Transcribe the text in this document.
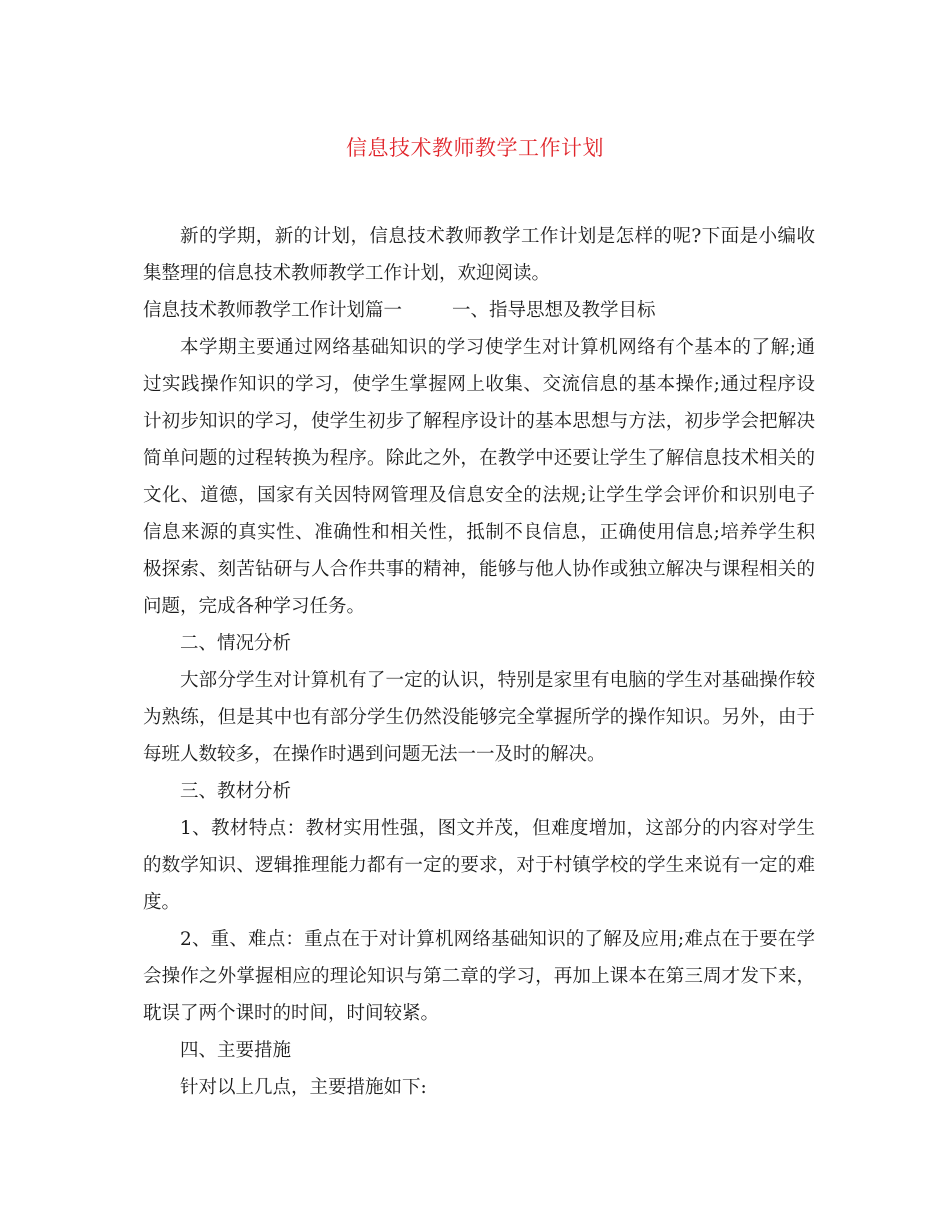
信息技术教师教学工作计划

新的学期，新的计划，信息技术教师教学工作计划是怎样的呢?下面是小编收集整理的信息技术教师教学工作计划，欢迎阅读。

信息技术教师教学工作计划篇一	一、指导思想及教学目标

本学期主要通过网络基础知识的学习使学生对计算机网络有个基本的了解;通过实践操作知识的学习，使学生掌握网上收集、交流信息的基本操作;通过程序设计初步知识的学习，使学生初步了解程序设计的基本思想与方法，初步学会把解决简单问题的过程转换为程序。除此之外，在教学中还要让学生了解信息技术相关的文化、道德，国家有关因特网管理及信息安全的法规;让学生学会评价和识别电子信息来源的真实性、准确性和相关性，抵制不良信息，正确使用信息;培养学生积极探索、刻苦钻研与人合作共事的精神，能够与他人协作或独立解决与课程相关的问题，完成各种学习任务。

二、情况分析

大部分学生对计算机有了一定的认识，特别是家里有电脑的学生对基础操作较为熟练，但是其中也有部分学生仍然没能够完全掌握所学的操作知识。另外，由于每班人数较多，在操作时遇到问题无法一一及时的解决。

三、教材分析

1、教材特点：教材实用性强，图文并茂，但难度增加，这部分的内容对学生的数学知识、逻辑推理能力都有一定的要求，对于村镇学校的学生来说有一定的难度。

2、重、难点：重点在于对计算机网络基础知识的了解及应用;难点在于要在学会操作之外掌握相应的理论知识与第二章的学习，再加上课本在第三周才发下来，耽误了两个课时的时间，时间较紧。

四、主要措施

针对以上几点，主要措施如下:
